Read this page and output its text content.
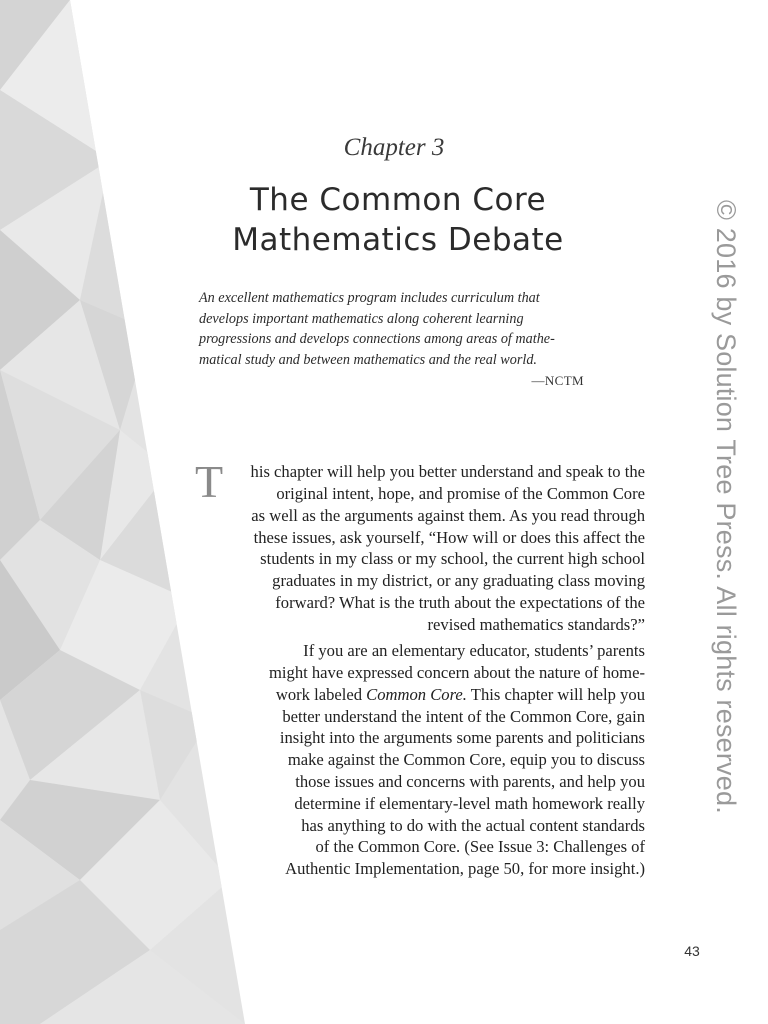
Chapter 3
The Common Core
Mathematics Debate
An excellent mathematics program includes curriculum that develops important mathematics along coherent learning progressions and develops connections among areas of mathe-matical study and between mathematics and the real world.
—NCTM
T his chapter will help you better understand and speak to the
original intent, hope, and promise of the Common Core
as well as the arguments against them. As you read through
these issues, ask yourself, “How will or does this affect the
students in my class or my school, the current high school
graduates in my district, or any graduating class moving
forward? What is the truth about the expectations of the
revised mathematics standards?”
If you are an elementary educator, students’ parents
might have expressed concern about the nature of home-
work labeled Common Core. This chapter will help you
better understand the intent of the Common Core, gain
insight into the arguments some parents and politicians
make against the Common Core, equip you to discuss
those issues and concerns with parents, and help you
determine if elementary-level math homework really
has anything to do with the actual content standards
of the Common Core. (See Issue 3: Challenges of
Authentic Implementation, page 50, for more insight.)
© 2016 by Solution Tree Press. All rights reserved.
43
